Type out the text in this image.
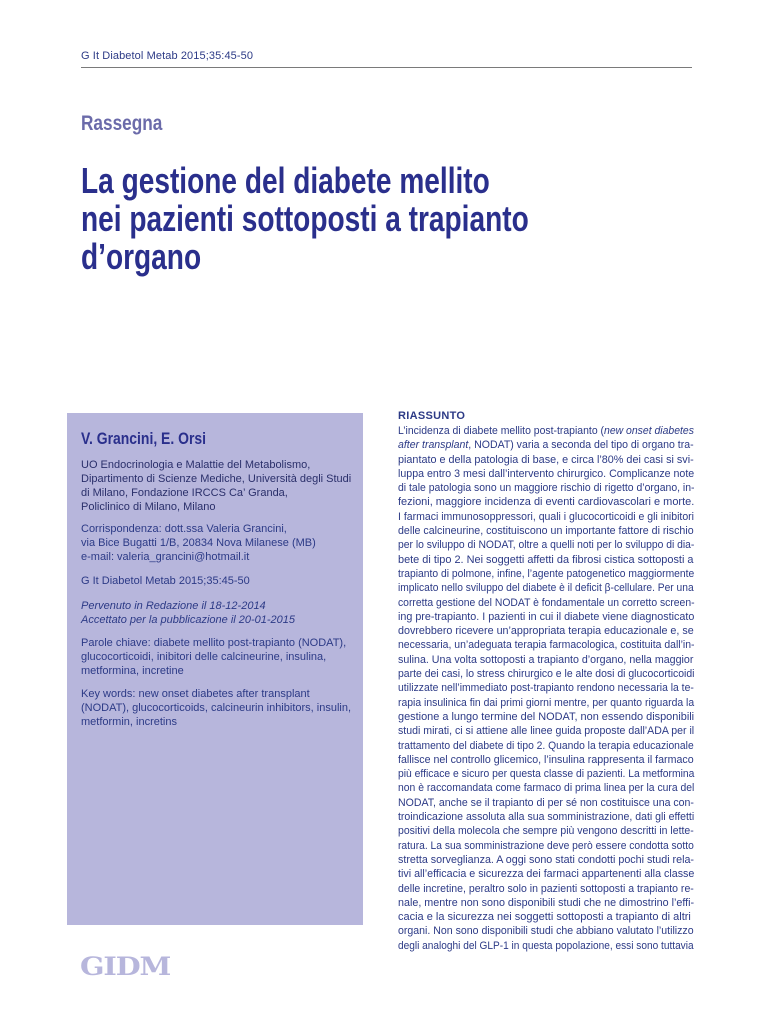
G It Diabetol Metab 2015;35:45-50
Rassegna
La gestione del diabete mellito
nei pazienti sottoposti a trapianto
d’organo
V. Grancini, E. Orsi
UO Endocrinologia e Malattie del Metabolismo,
Dipartimento di Scienze Mediche, Università degli Studi
di Milano, Fondazione IRCCS Ca’ Granda,
Policlinico di Milano, Milano
Corrispondenza: dott.ssa Valeria Grancini,
via Bice Bugatti 1/B, 20834 Nova Milanese (MB)
e-mail: valeria_grancini@hotmail.it
G It Diabetol Metab 2015;35:45-50
Pervenuto in Redazione il 18-12-2014
Accettato per la pubblicazione il 20-01-2015
Parole chiave: diabete mellito post-trapianto (NODAT),
glucocorticoidi, inibitori delle calcineurine, insulina,
metformina, incretine
Key words: new onset diabetes after transplant
(NODAT), glucocorticoids, calcineurin inhibitors, insulin,
metformin, incretins
RIASSUNTO
L’incidenza di diabete mellito post-trapianto (new onset diabetes
after transplant, NODAT) varia a seconda del tipo di organo tra-
piantato e della patologia di base, e circa l’80% dei casi si svi-
luppa entro 3 mesi dall’intervento chirurgico. Complicanze note
di tale patologia sono un maggiore rischio di rigetto d’organo, in-
fezioni, maggiore incidenza di eventi cardiovascolari e morte.
I farmaci immunosoppressori, quali i glucocorticoidi e gli inibitori
delle calcineurine, costituiscono un importante fattore di rischio
per lo sviluppo di NODAT, oltre a quelli noti per lo sviluppo di dia-
bete di tipo 2. Nei soggetti affetti da fibrosi cistica sottoposti a
trapianto di polmone, infine, l’agente patogenetico maggiormente
implicato nello sviluppo del diabete è il deficit β-cellulare. Per una
corretta gestione del NODAT è fondamentale un corretto screen-
ing pre-trapianto. I pazienti in cui il diabete viene diagnosticato
dovrebbero ricevere un’appropriata terapia educazionale e, se
necessaria, un’adeguata terapia farmacologica, costituita dall’in-
sulina. Una volta sottoposti a trapianto d’organo, nella maggior
parte dei casi, lo stress chirurgico e le alte dosi di glucocorticoidi
utilizzate nell’immediato post-trapianto rendono necessaria la te-
rapia insulinica fin dai primi giorni mentre, per quanto riguarda la
gestione a lungo termine del NODAT, non essendo disponibili
studi mirati, ci si attiene alle linee guida proposte dall’ADA per il
trattamento del diabete di tipo 2. Quando la terapia educazionale
fallisce nel controllo glicemico, l’insulina rappresenta il farmaco
più efficace e sicuro per questa classe di pazienti. La metformina
non è raccomandata come farmaco di prima linea per la cura del
NODAT, anche se il trapianto di per sé non costituisce una con-
troindicazione assoluta alla sua somministrazione, dati gli effetti
positivi della molecola che sempre più vengono descritti in lette-
ratura. La sua somministrazione deve però essere condotta sotto
stretta sorveglianza. A oggi sono stati condotti pochi studi rela-
tivi all’efficacia e sicurezza dei farmaci appartenenti alla classe
delle incretine, peraltro solo in pazienti sottoposti a trapianto re-
nale, mentre non sono disponibili studi che ne dimostrino l’effi-
cacia e la sicurezza nei soggetti sottoposti a trapianto di altri
organi. Non sono disponibili studi che abbiano valutato l’utilizzo
degli analoghi del GLP-1 in questa popolazione, essi sono tuttavia
GIDM
